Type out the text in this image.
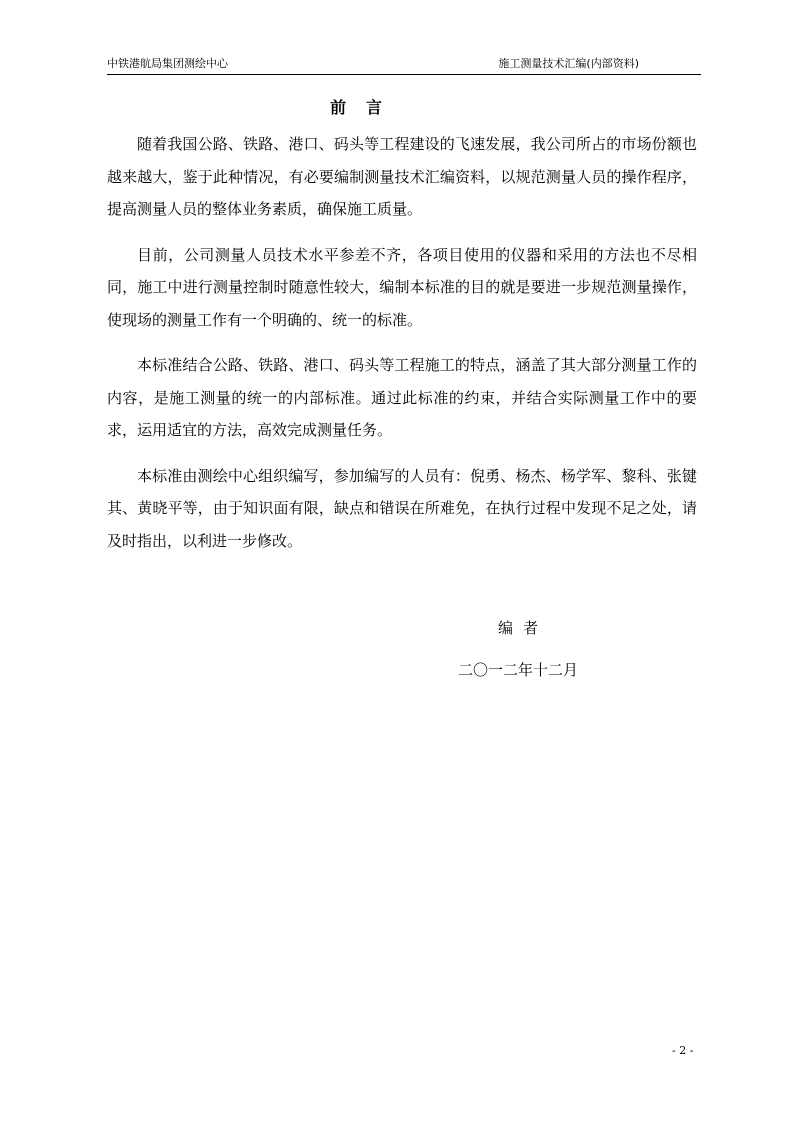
中铁港航局集团测绘中心	施工测量技术汇编(内部资料)
前言

随着我国公路、铁路、港口、码头等工程建设的飞速发展，我公司所占的市场份额也越来越大，鉴于此种情况，有必要编制测量技术汇编资料，以规范测量人员的操作程序，提高测量人员的整体业务素质，确保施工质量。

目前，公司测量人员技术水平参差不齐，各项目使用的仪器和采用的方法也不尽相同，施工中进行测量控制时随意性较大，编制本标准的目的就是要进一步规范测量操作，使现场的测量工作有一个明确的、统一的标准。

本标准结合公路、铁路、港口、码头等工程施工的特点，涵盖了其大部分测量工作的内容，是施工测量的统一的内部标准。通过此标准的约束，并结合实际测量工作中的要求，运用适宜的方法，高效完成测量任务。

本标准由测绘中心组织编写，参加编写的人员有：倪勇、杨杰、杨学军、黎科、张键其、黄晓平等，由于知识面有限，缺点和错误在所难免，在执行过程中发现不足之处，请及时指出，以利进一步修改。

编者
二〇一二年十二月
- 2 -
